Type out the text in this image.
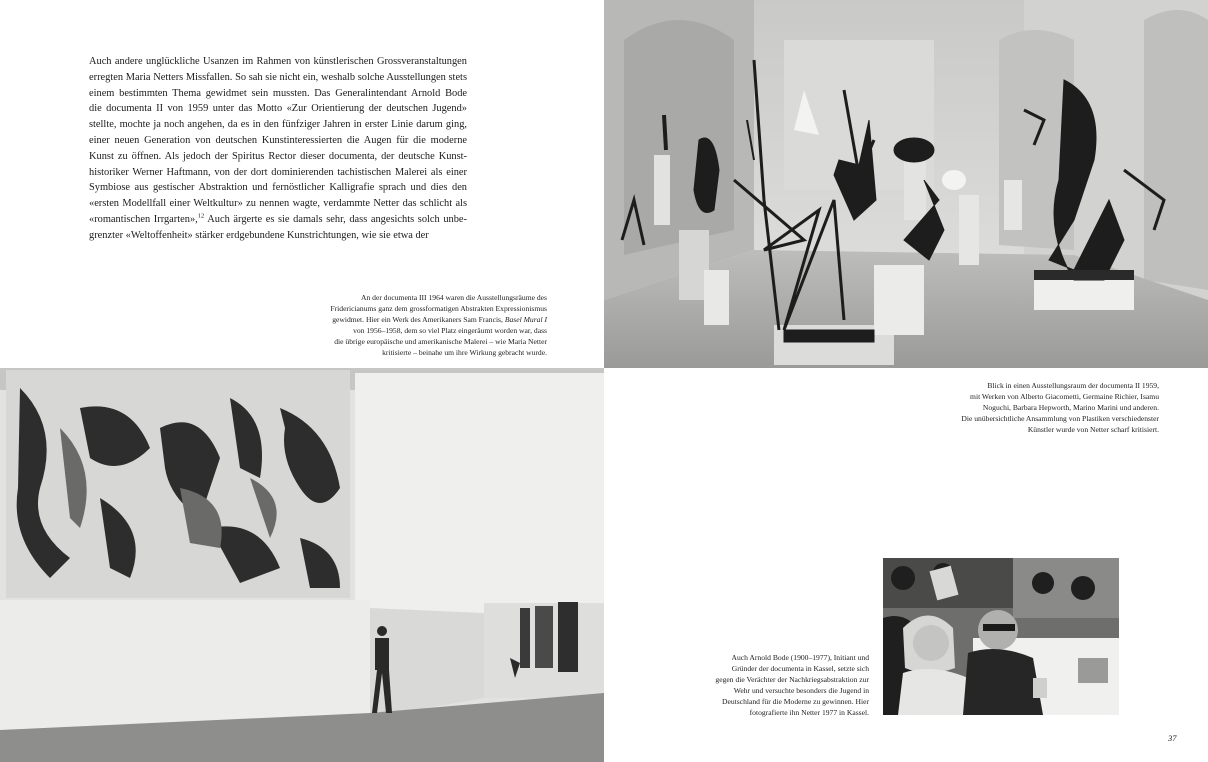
Auch andere unglückliche Usanzen im Rahmen von künstlerischen Grossveranstaltungen
erregten Maria Netters Missfallen. So sah sie nicht ein, weshalb solche Ausstellungen stets
einem bestimmten Thema gewidmet sein mussten. Das Generalintendant Arnold Bode
die documenta II von 1959 unter das Motto «Zur Orientierung der deutschen Jugend»
stellte, mochte ja noch angehen, da es in den fünfziger Jahren in erster Linie darum ging,
einer neuen Generation von deutschen Kunstinteressierten die Augen für die moderne
Kunst zu öffnen. Als jedoch der Spiritus Rector dieser documenta, der deutsche Kunst-
historiker Werner Haftmann, von der dort dominierenden tachistischen Malerei als einer
Symbiose aus gestischer Abstraktion und fernöstlicher Kalligrafie sprach und dies den
«ersten Modellfall einer Weltkultur» zu nennen wagte, verdammte Netter das schlicht als
«romantischen Irrgarten»,$^{12}$ Auch ärgerte es sie damals sehr, dass angesichts solch unbe-
grenzter «Weltoffenheit» stärker erdgebundene Kunstrichtungen, wie sie etwa der

An der documenta III 1964 waren die Ausstellungsräume des
Fridericianums ganz dem grossformatigen Abstrakten Expressionismus
gewidmet. Hier ein Werk des Amerikaners Sam Francis, Basel Mural I
von 1956–1958, dem so viel Platz eingeräumt worden war, dass
die übrige europäische und amerikanische Malerei – wie Maria Netter
kritisierte – beinahe um ihre Wirkung gebracht wurde.

Blick in einen Ausstellungsraum der documenta II 1959,
mit Werken von Alberto Giacometti, Germaine Richier, Isamu
Noguchi, Barbara Hepworth, Marino Marini und anderen.
Die unübersichtliche Ansammlung von Plastiken verschiedenster
Künstler wurde von Netter scharf kritisiert.

Auch Arnold Bode (1900–1977), Initiant und
Gründer der documenta in Kassel, setzte sich
gegen die Verächter der Nachkriegsabstraktion zur
Wehr und versuchte besonders die Jugend in
Deutschland für die Moderne zu gewinnen. Hier
fotografierte ihn Netter 1977 in Kassel.

37
